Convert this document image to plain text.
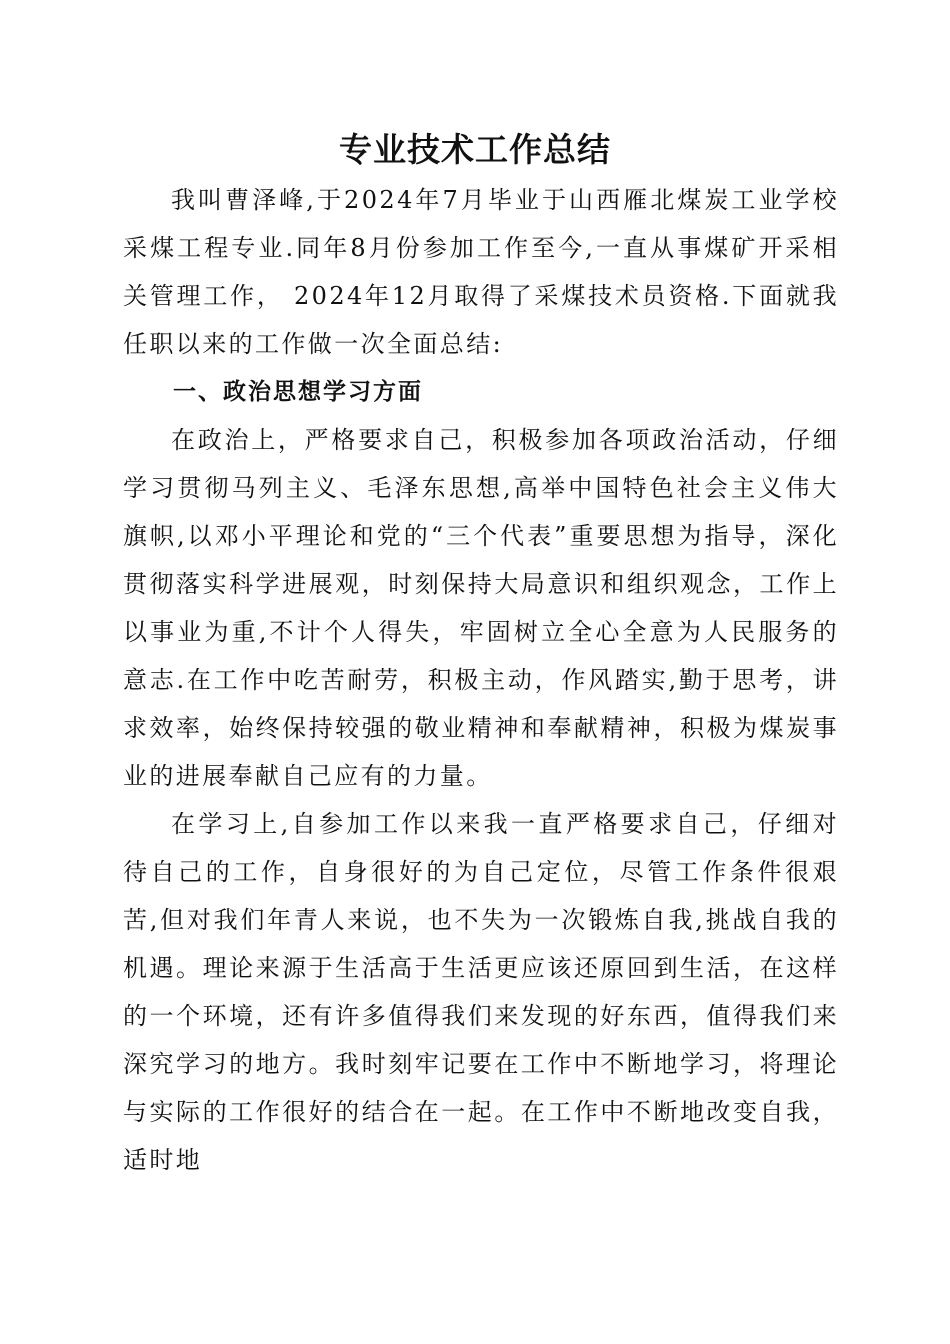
专业技术工作总结

我叫曹泽峰,于2024年7月毕业于山西雁北煤炭工业学校采煤工程专业.同年8月份参加工作至今,一直从事煤矿开采相关管理工作， 2024年12月取得了采煤技术员资格.下面就我任职以来的工作做一次全面总结:

一、政治思想学习方面

在政治上，严格要求自己，积极参加各项政治活动，仔细学习贯彻马列主义、毛泽东思想,高举中国特色社会主义伟大旗帜,以邓小平理论和党的“三个代表”重要思想为指导，深化贯彻落实科学进展观，时刻保持大局意识和组织观念，工作上以事业为重,不计个人得失，牢固树立全心全意为人民服务的意志.在工作中吃苦耐劳，积极主动，作风踏实,勤于思考，讲求效率，始终保持较强的敬业精神和奉献精神，积极为煤炭事业的进展奉献自己应有的力量。

在学习上,自参加工作以来我一直严格要求自己，仔细对待自己的工作，自身很好的为自己定位，尽管工作条件很艰苦,但对我们年青人来说，也不失为一次锻炼自我,挑战自我的机遇。理论来源于生活高于生活更应该还原回到生活，在这样的一个环境，还有许多值得我们来发现的好东西，值得我们来深究学习的地方。我时刻牢记要在工作中不断地学习，将理论与实际的工作很好的结合在一起。在工作中不断地改变自我，适时地
